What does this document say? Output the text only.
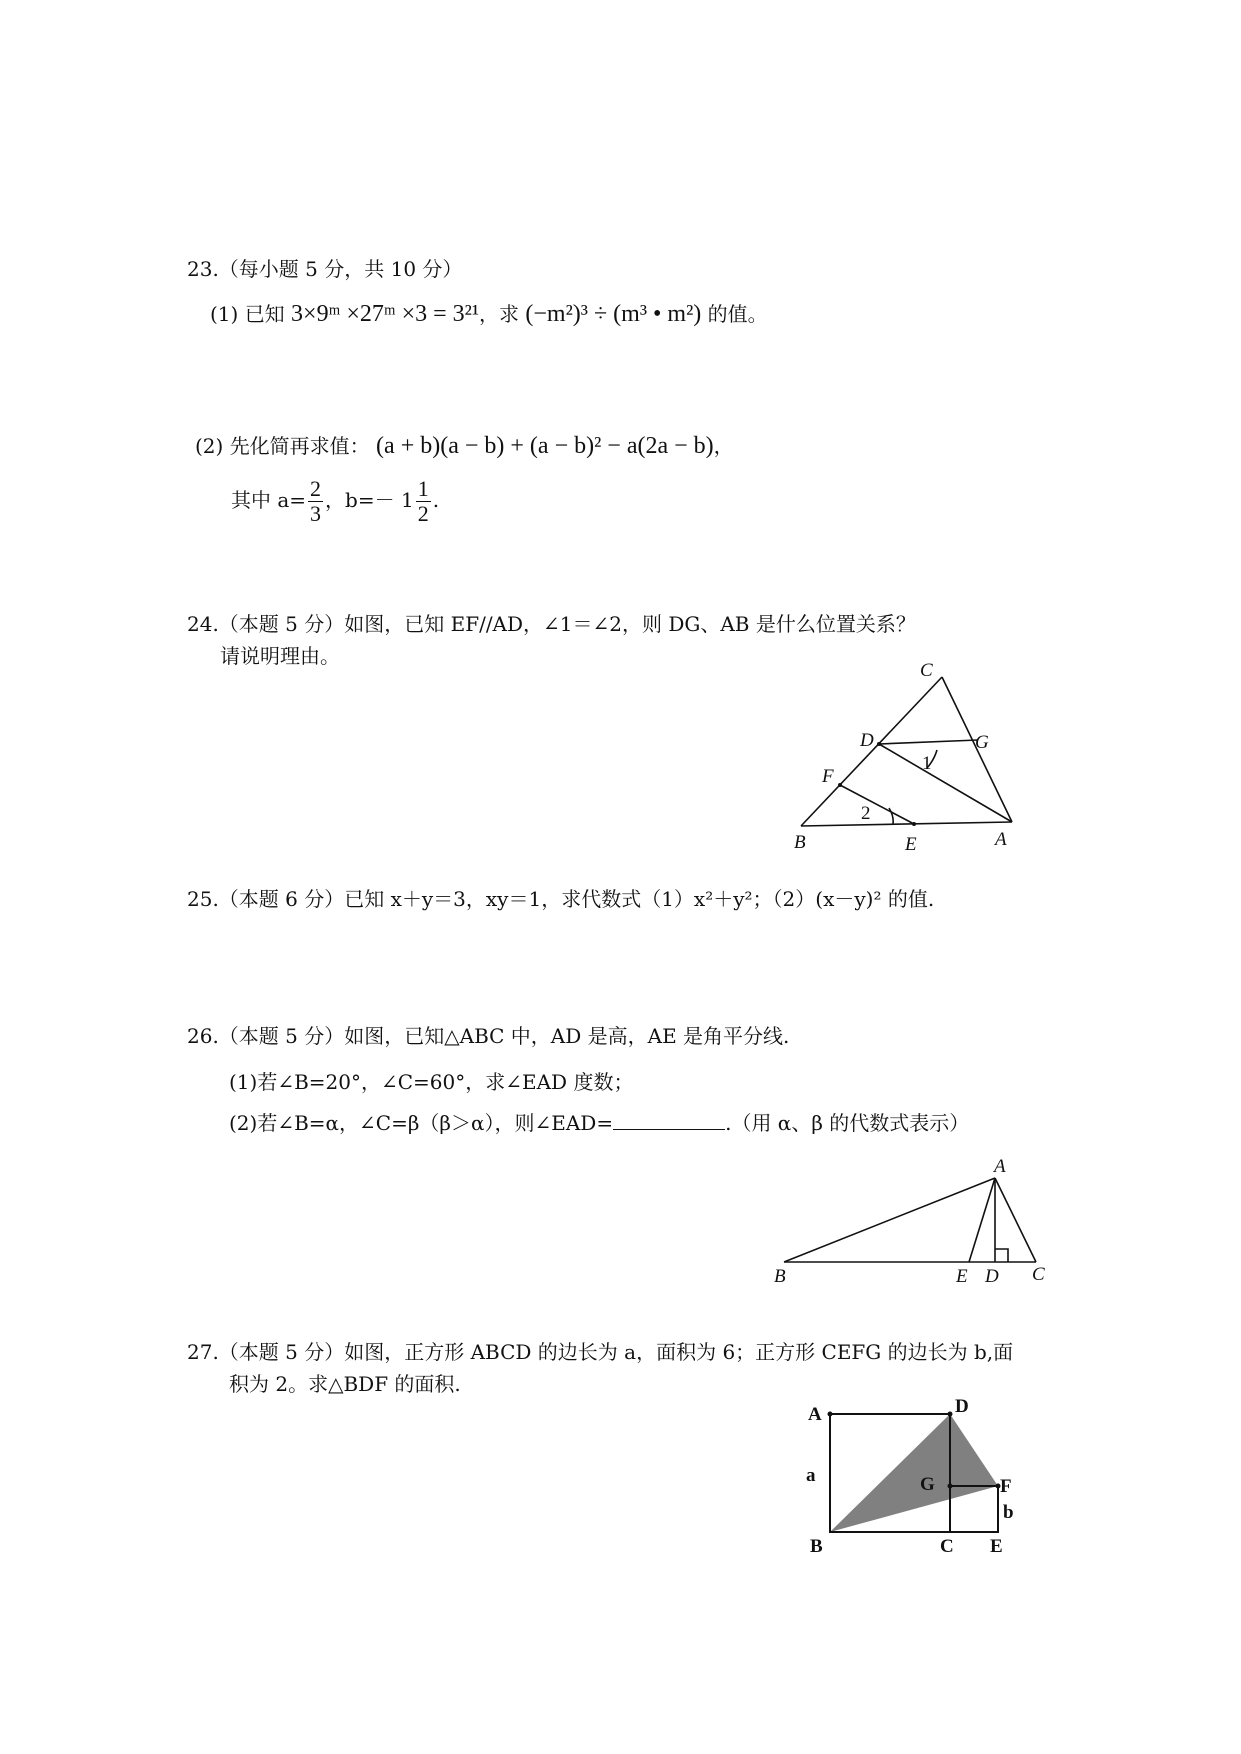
23.（每小题 5 分，共 10 分）
(1) 已知 3×9ᵐ ×27ᵐ ×3 = 3²¹，求 (−m²)³ ÷ (m³ • m²) 的值。
(2) 先化简再求值： (a + b)(a − b) + (a − b)² − a(2a − b)，
其中 $a= \frac{2}{3}$ ，$b=- 1 \frac{1}{2}$ .
24.（本题 5 分）如图，已知 EF//AD，∠1＝∠2，则 DG、AB 是什么位置关系？
请说明理由。
C
D	G
F
B	E	A
1
2
25.（本题 6 分）已知 x＋y＝3，xy＝1，求代数式（1）x²＋y²；（2）(x－y)² 的值.
26.（本题 5 分）如图，已知△ABC 中，AD 是高，AE 是角平分线.
(1)若∠B=20°，∠C=60°，求∠EAD 度数；
(2)若∠B=α，∠C=β（β＞α），则∠EAD=	.（用 α、β 的代数式表示）
A
B	E D C
27.（本题 5 分）如图，正方形 ABCD 的边长为 a，面积为 6；正方形 CEFG 的边长为 b,面
积为 2。求△BDF 的面积.
A	D
a	G	F
b
B	C E
